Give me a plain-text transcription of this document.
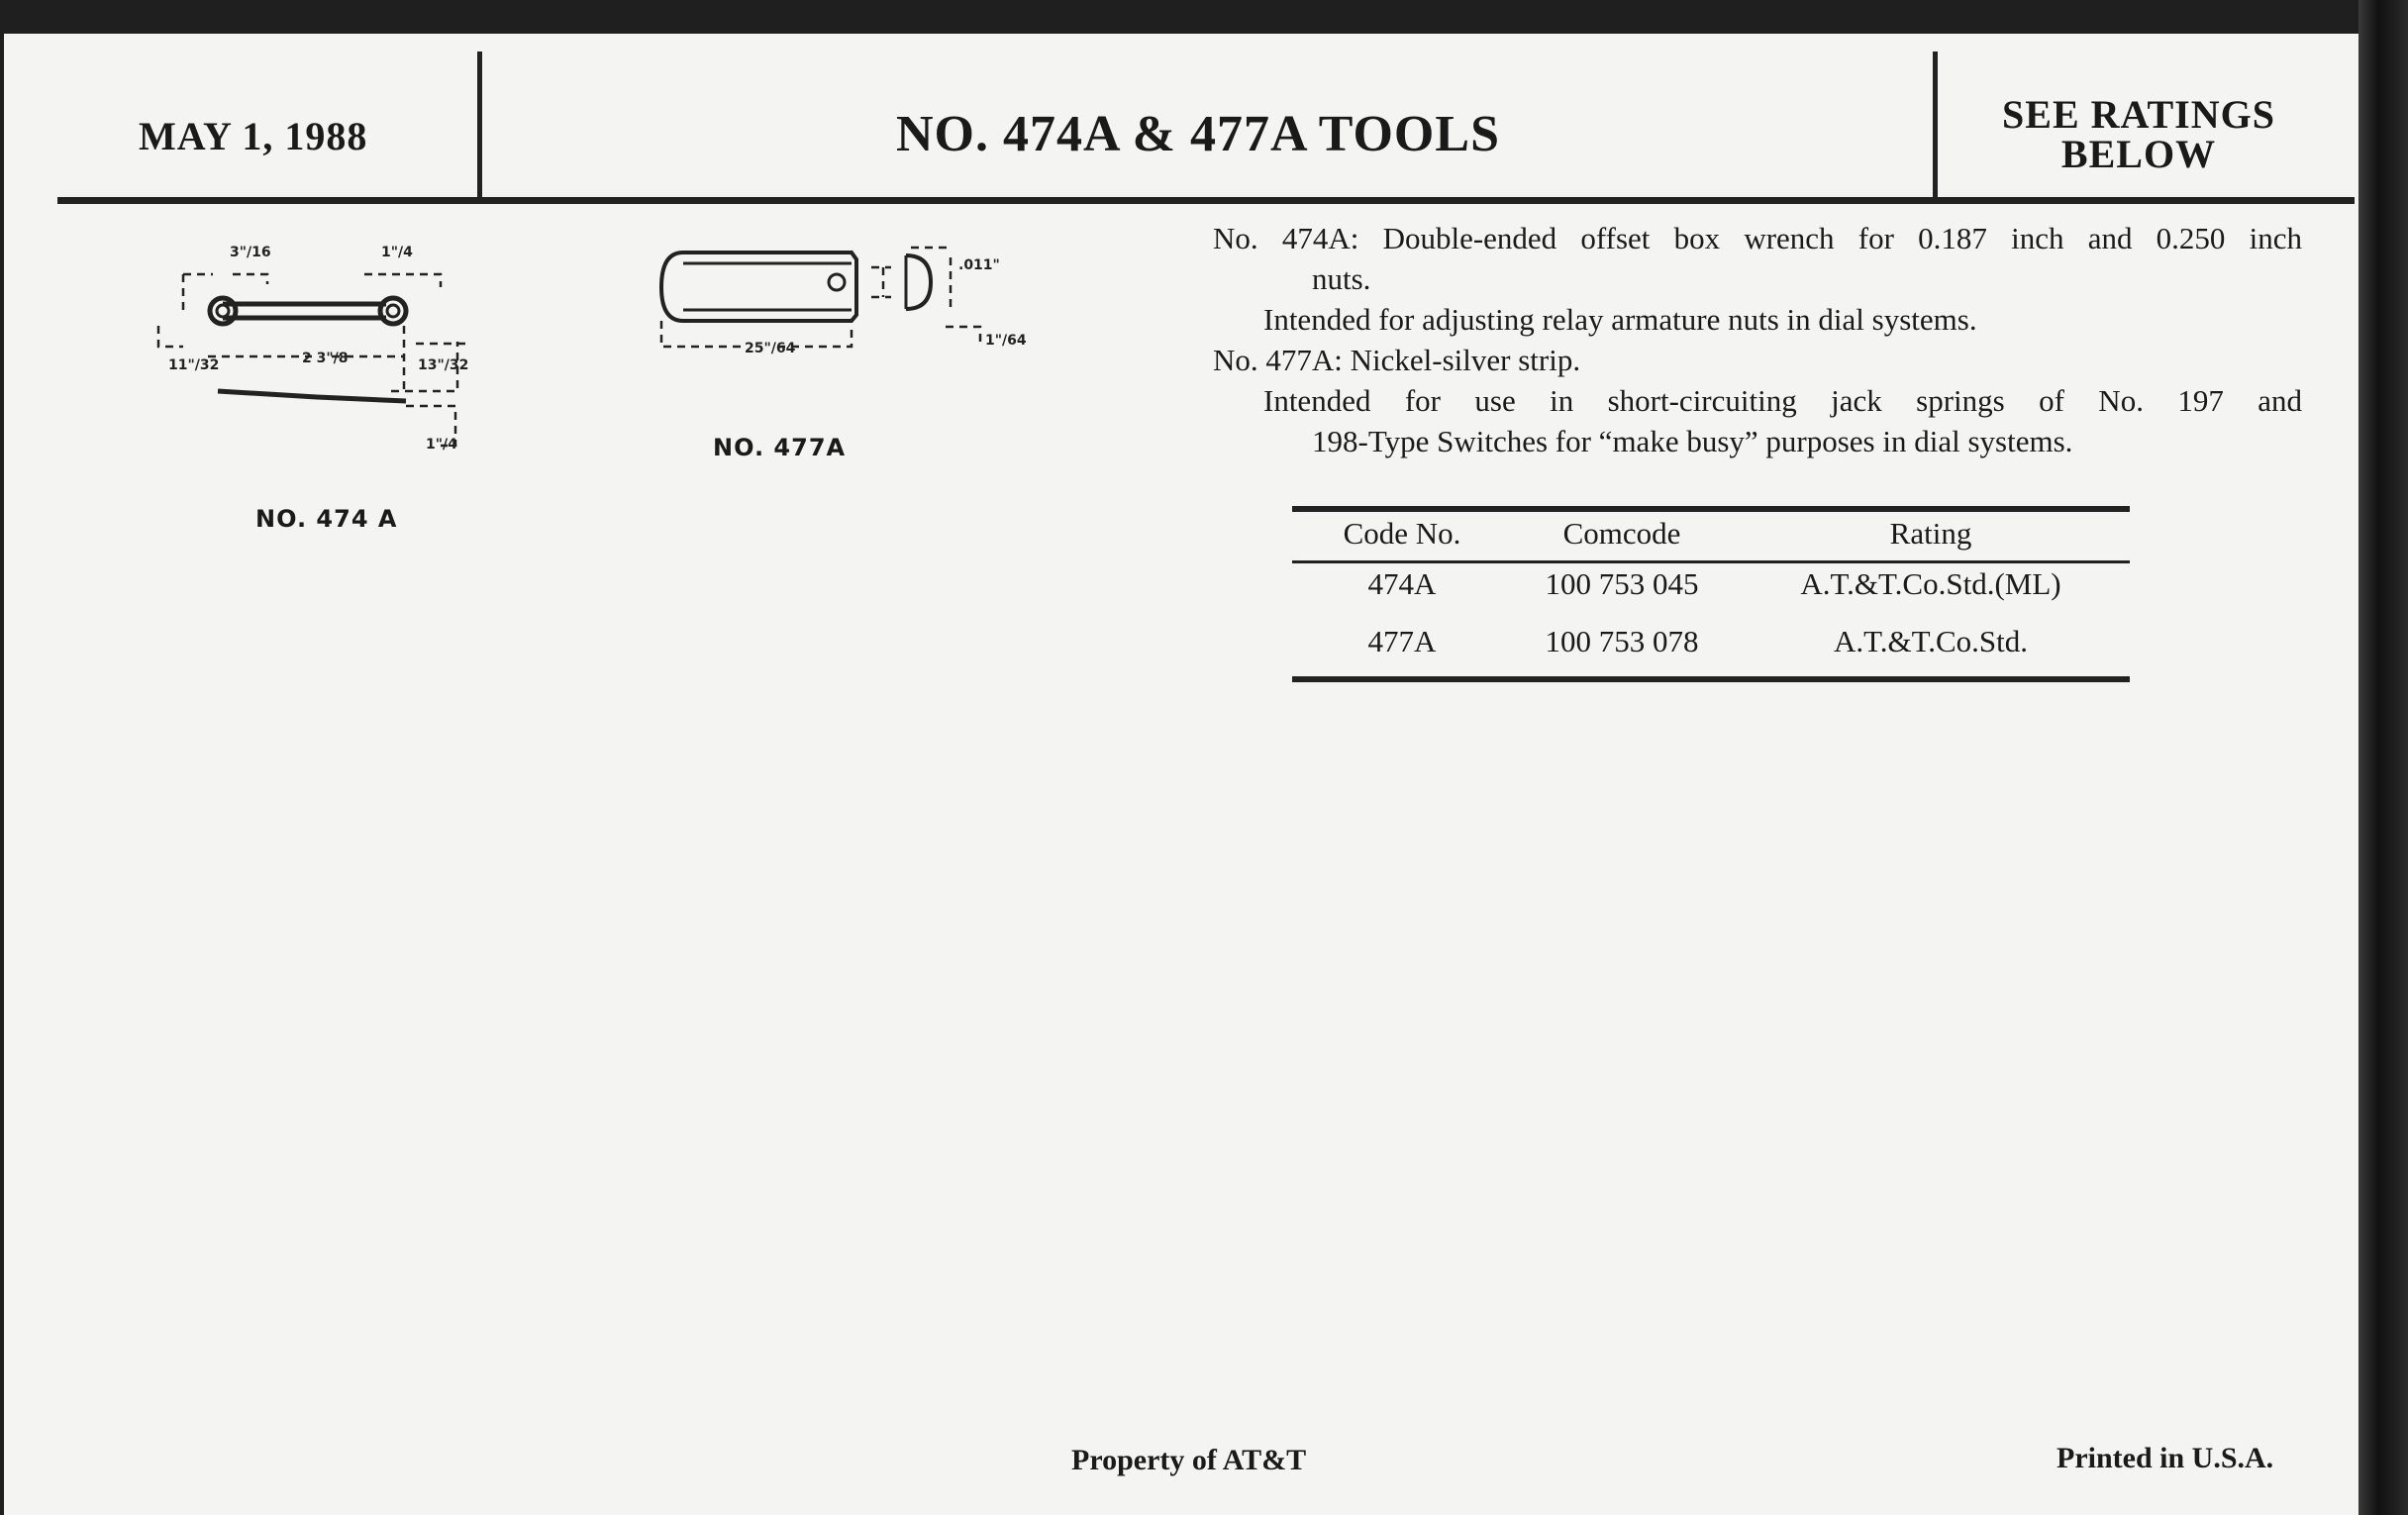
MAY 1, 1988	NO. 474A & 477A TOOLS	SEE RATINGS
BELOW
3"/16	1"/4
11"/32	2 3"/8	13"/32
1"/4
NO. 474 A
25"/64
.011"
1"/64
NO. 477A
No. 474A: Double-ended offset box wrench for 0.187 inch and 0.250 inch
nuts.
Intended for adjusting relay armature nuts in dial systems.
No. 477A: Nickel-silver strip.
Intended for use in short-circuiting jack springs of No. 197 and
198-Type Switches for “make busy” purposes in dial systems.
Code No.	Comcode	Rating
474A	100 753 045	A.T.&T.Co.Std.(ML)
477A	100 753 078	A.T.&T.Co.Std.
Property of AT&T	Printed in U.S.A.
